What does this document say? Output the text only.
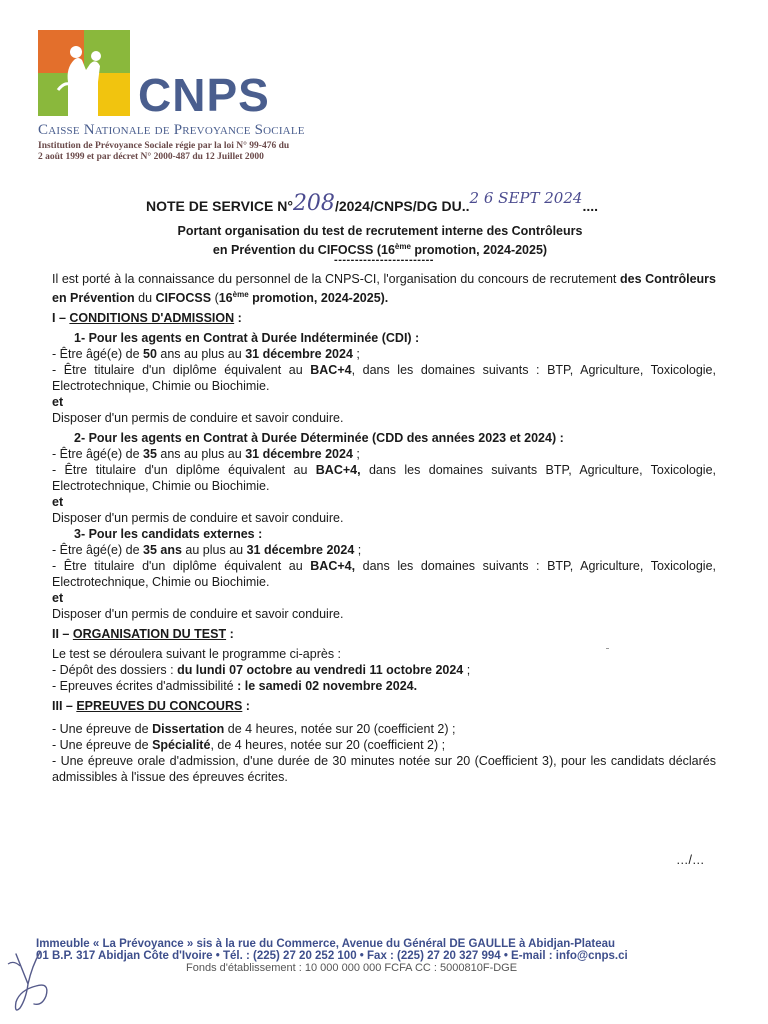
CNPS
Caisse Nationale de Prevoyance Sociale
Institution de Prévoyance Sociale régie par la loi N° 99-476 du
2 août 1999 et par décret N° 2000-487 du 12 Juillet 2000
NOTE DE SERVICE N°208/2024/CNPS/DG DU..2 6 SEPT 2024....
Portant organisation du test de recrutement interne des Contrôleurs
en Prévention du CIFOCSS (16ème promotion, 2024-2025)
------------------------

Il est porté à la connaissance du personnel de la CNPS-CI, l'organisation du concours de recrutement des Contrôleurs en Prévention du CIFOCSS (16ème promotion, 2024-2025).

I – CONDITIONS D'ADMISSION :

1- Pour les agents en Contrat à Durée Indéterminée (CDI) :

- Être âgé(e) de 50 ans au plus au 31 décembre 2024 ;

- Être titulaire d'un diplôme équivalent au BAC+4, dans les domaines suivants : BTP, Agriculture, Toxicologie, Electrotechnique, Chimie ou Biochimie.

et

Disposer d'un permis de conduire et savoir conduire.

2- Pour les agents en Contrat à Durée Déterminée (CDD des années 2023 et 2024) :

- Être âgé(e) de 35 ans au plus au 31 décembre 2024 ;

- Être titulaire d'un diplôme équivalent au BAC+4, dans les domaines suivants BTP, Agriculture, Toxicologie, Electrotechnique, Chimie ou Biochimie.

et

Disposer d'un permis de conduire et savoir conduire.

3- Pour les candidats externes :

- Être âgé(e) de 35 ans au plus au 31 décembre 2024 ;

- Être titulaire d'un diplôme équivalent au BAC+4, dans les domaines suivants : BTP, Agriculture, Toxicologie, Electrotechnique, Chimie ou Biochimie.

et

Disposer d'un permis de conduire et savoir conduire.

II – ORGANISATION DU TEST :

Le test se déroulera suivant le programme ci-après :

- Dépôt des dossiers : du lundi 07 octobre au vendredi 11 octobre 2024 ;

- Epreuves écrites d'admissibilité : le samedi 02 novembre 2024.

III – EPREUVES DU CONCOURS :

- Une épreuve de Dissertation de 4 heures, notée sur 20 (coefficient 2) ;

- Une épreuve de Spécialité, de 4 heures, notée sur 20 (coefficient 2) ;

- Une épreuve orale d'admission, d'une durée de 30 minutes notée sur 20 (Coefficient 3), pour les candidats déclarés admissibles à l'issue des épreuves écrites.

…/…
Immeuble « La Prévoyance » sis à la rue du Commerce, Avenue du Général DE GAULLE à Abidjan-Plateau
01 B.P. 317 Abidjan Côte d'Ivoire • Tél. : (225) 27 20 252 100 • Fax : (225) 27 20 327 994 • E-mail : info@cnps.ci
Fonds d'établissement : 10 000 000 000 FCFA CC : 5000810F-DGE
